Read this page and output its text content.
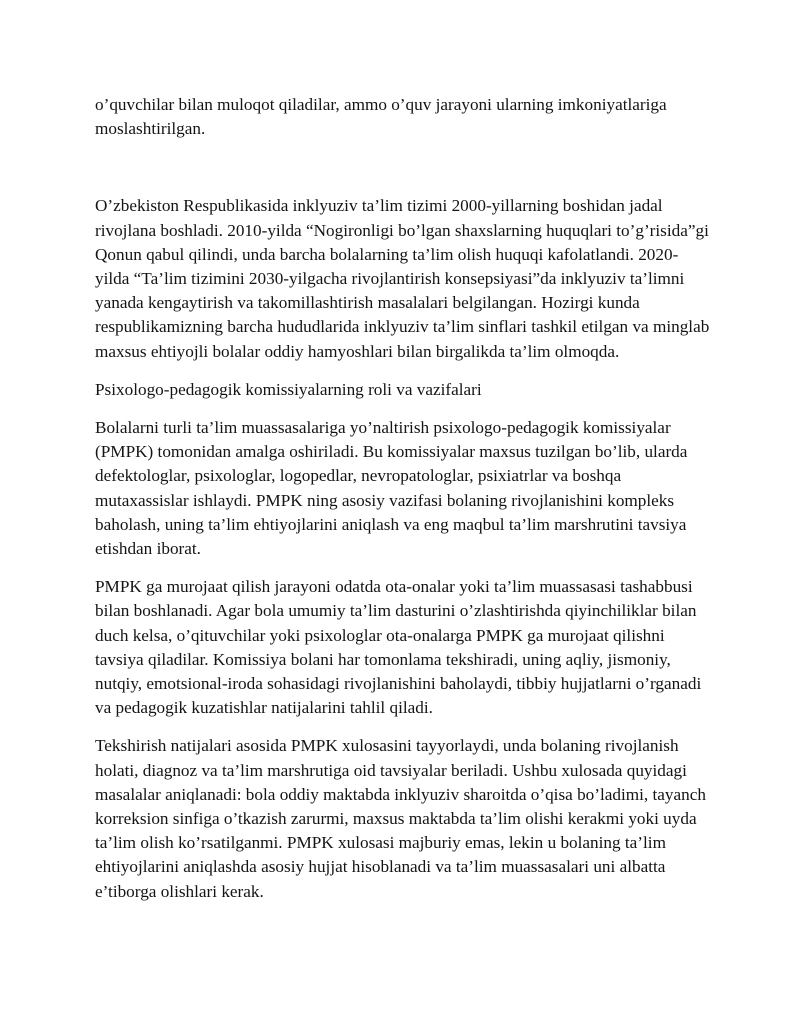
o’quvchilar bilan muloqot qiladilar, ammo o’quv jarayoni ularning imkoniyatlariga moslashtirilgan.

O’zbekiston Respublikasida inklyuziv ta’lim tizimi 2000-yillarning boshidan jadal rivojlana boshladi. 2010-yilda “Nogironligi bo’lgan shaxslarning huquqlari to’g’risida”gi Qonun qabul qilindi, unda barcha bolalarning ta’lim olish huquqi kafolatlandi. 2020-yilda “Ta’lim tizimini 2030-yilgacha rivojlantirish konsepsiyasi”da inklyuziv ta’limni yanada kengaytirish va takomillashtirish masalalari belgilangan. Hozirgi kunda respublikamizning barcha hududlarida inklyuziv ta’lim sinflari tashkil etilgan va minglab maxsus ehtiyojli bolalar oddiy hamyoshlari bilan birgalikda ta’lim olmoqda.

Psixologo-pedagogik komissiyalarning roli va vazifalari

Bolalarni turli ta’lim muassasalariga yo’naltirish psixologo-pedagogik komissiyalar (PMPK) tomonidan amalga oshiriladi. Bu komissiyalar maxsus tuzilgan bo’lib, ularda defektologlar, psixologlar, logopedlar, nevropatologlar, psixiatrlar va boshqa mutaxassislar ishlaydi. PMPK ning asosiy vazifasi bolaning rivojlanishini kompleks baholash, uning ta’lim ehtiyojlarini aniqlash va eng maqbul ta’lim marshrutini tavsiya etishdan iborat.

PMPK ga murojaat qilish jarayoni odatda ota-onalar yoki ta’lim muassasasi tashabbusi bilan boshlanadi. Agar bola umumiy ta’lim dasturini o’zlashtirishda qiyinchiliklar bilan duch kelsa, o’qituvchilar yoki psixologlar ota-onalarga PMPK ga murojaat qilishni tavsiya qiladilar. Komissiya bolani har tomonlama tekshiradi, uning aqliy, jismoniy, nutqiy, emotsional-iroda sohasidagi rivojlanishini baholaydi, tibbiy hujjatlarni o’rganadi va pedagogik kuzatishlar natijalarini tahlil qiladi.

Tekshirish natijalari asosida PMPK xulosasini tayyorlaydi, unda bolaning rivojlanish holati, diagnoz va ta’lim marshrutiga oid tavsiyalar beriladi. Ushbu xulosada quyidagi masalalar aniqlanadi: bola oddiy maktabda inklyuziv sharoitda o’qisa bo’ladimi, tayanch korreksion sinfiga o’tkazish zarurmi, maxsus maktabda ta’lim olishi kerakmi yoki uyda ta’lim olish ko’rsatilganmi. PMPK xulosasi majburiy emas, lekin u bolaning ta’lim ehtiyojlarini aniqlashda asosiy hujjat hisoblanadi va ta’lim muassasalari uni albatta e’tiborga olishlari kerak.
